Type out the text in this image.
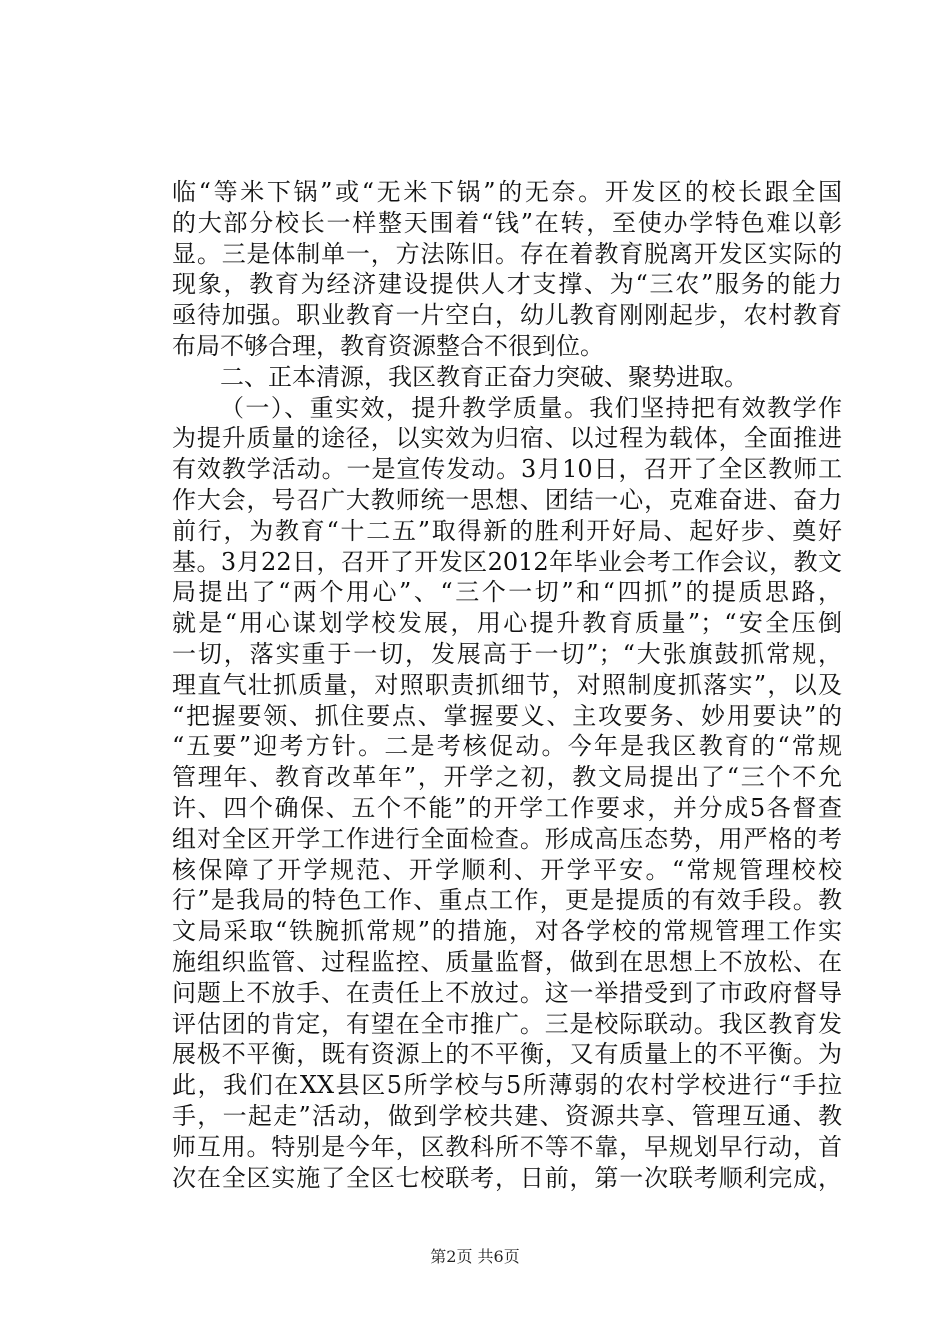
临“等米下锅”或“无米下锅”的无奈。开发区的校长跟全国
的大部分校长一样整天围着“钱”在转，至使办学特色难以彰
显。三是体制单一，方法陈旧。存在着教育脱离开发区实际的
现象，教育为经济建设提供人才支撑、为“三农”服务的能力
亟待加强。职业教育一片空白，幼儿教育刚刚起步，农村教育
布局不够合理，教育资源整合不很到位。
二、正本清源，我区教育正奋力突破、聚势进取。
（一）、重实效，提升教学质量。我们坚持把有效教学作
为提升质量的途径，以实效为归宿、以过程为载体，全面推进
有效教学活动。一是宣传发动。3月10日，召开了全区教师工
作大会，号召广大教师统一思想、团结一心，克难奋进、奋力
前行，为教育“十二五”取得新的胜利开好局、起好步、奠好
基。3月22日，召开了开发区2012年毕业会考工作会议，教文
局提出了“两个用心”、“三个一切”和“四抓”的提质思路，
就是“用心谋划学校发展，用心提升教育质量”；“安全压倒
一切，落实重于一切，发展高于一切”；“大张旗鼓抓常规，
理直气壮抓质量，对照职责抓细节，对照制度抓落实”，以及
“把握要领、抓住要点、掌握要义、主攻要务、妙用要诀”的
“五要”迎考方针。二是考核促动。今年是我区教育的“常规
管理年、教育改革年”，开学之初，教文局提出了“三个不允
许、四个确保、五个不能”的开学工作要求，并分成5各督查
组对全区开学工作进行全面检查。形成高压态势，用严格的考
核保障了开学规范、开学顺利、开学平安。“常规管理校校
行”是我局的特色工作、重点工作，更是提质的有效手段。教
文局采取“铁腕抓常规”的措施，对各学校的常规管理工作实
施组织监管、过程监控、质量监督，做到在思想上不放松、在
问题上不放手、在责任上不放过。这一举措受到了市政府督导
评估团的肯定，有望在全市推广。三是校际联动。我区教育发
展极不平衡，既有资源上的不平衡，又有质量上的不平衡。为
此，我们在XX县区5所学校与5所薄弱的农村学校进行“手拉
手，一起走”活动，做到学校共建、资源共享、管理互通、教
师互用。特别是今年，区教科所不等不靠，早规划早行动，首
次在全区实施了全区七校联考，日前，第一次联考顺利完成，
第2页 共6页
